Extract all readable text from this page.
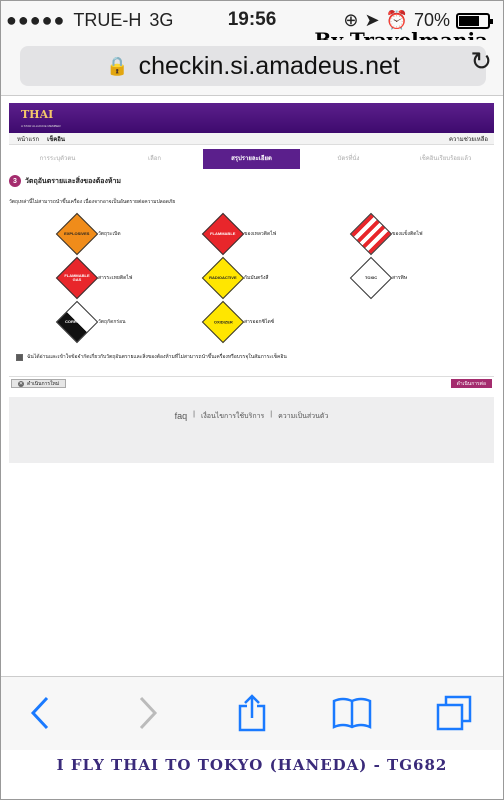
●●●●● TRUE-H 3G	19:56	⊕ ➤ ⏰ 70%
🔒 checkin.si.amadeus.net	↻
THAI
A STAR ALLIANCE MEMBER
หน้าแรก เช็คอิน	ความช่วยเหลือ
การระบุตัวตน	เลือก	สรุปรายละเอียด	บัตรที่นั่ง	เช็คอินเรียบร้อยแล้ว
3	วัตถุอันตรายและสิ่งของต้องห้าม
วัตถุเหล่านี้ไม่สามารถนำขึ้นเครื่อง เนื่องจากอาจเป็นอันตรายต่อความปลอดภัย
EXPLOSIVES วัตถุระเบิด	FLAMMABLE ของเหลวติดไฟ	ของแข็งติดไฟ
FLAMMABLE GAS	สารระเหยติดไฟ	RADIOACTIVE กัมมันตรังสี	TOXIC	สารพิษ
CORROSIVE วัตถุกัดกร่อน	OXIDIZER สารออกซิไดซ์
ฉันได้อ่านและเข้าใจข้อจำกัดเกี่ยวกับวัตถุอันตรายและสิ่งของต้องห้ามที่ไม่สามารถนำขึ้นเครื่องหรือบรรจุในสัมภาระเช็คอิน
✕ ดำเนินการใหม่	ดำเนินการต่อ
faq | เงื่อนไขการใช้บริการ | ความเป็นส่วนตัว
I FLY THAI TO TOKYO (HANEDA) - TG682
